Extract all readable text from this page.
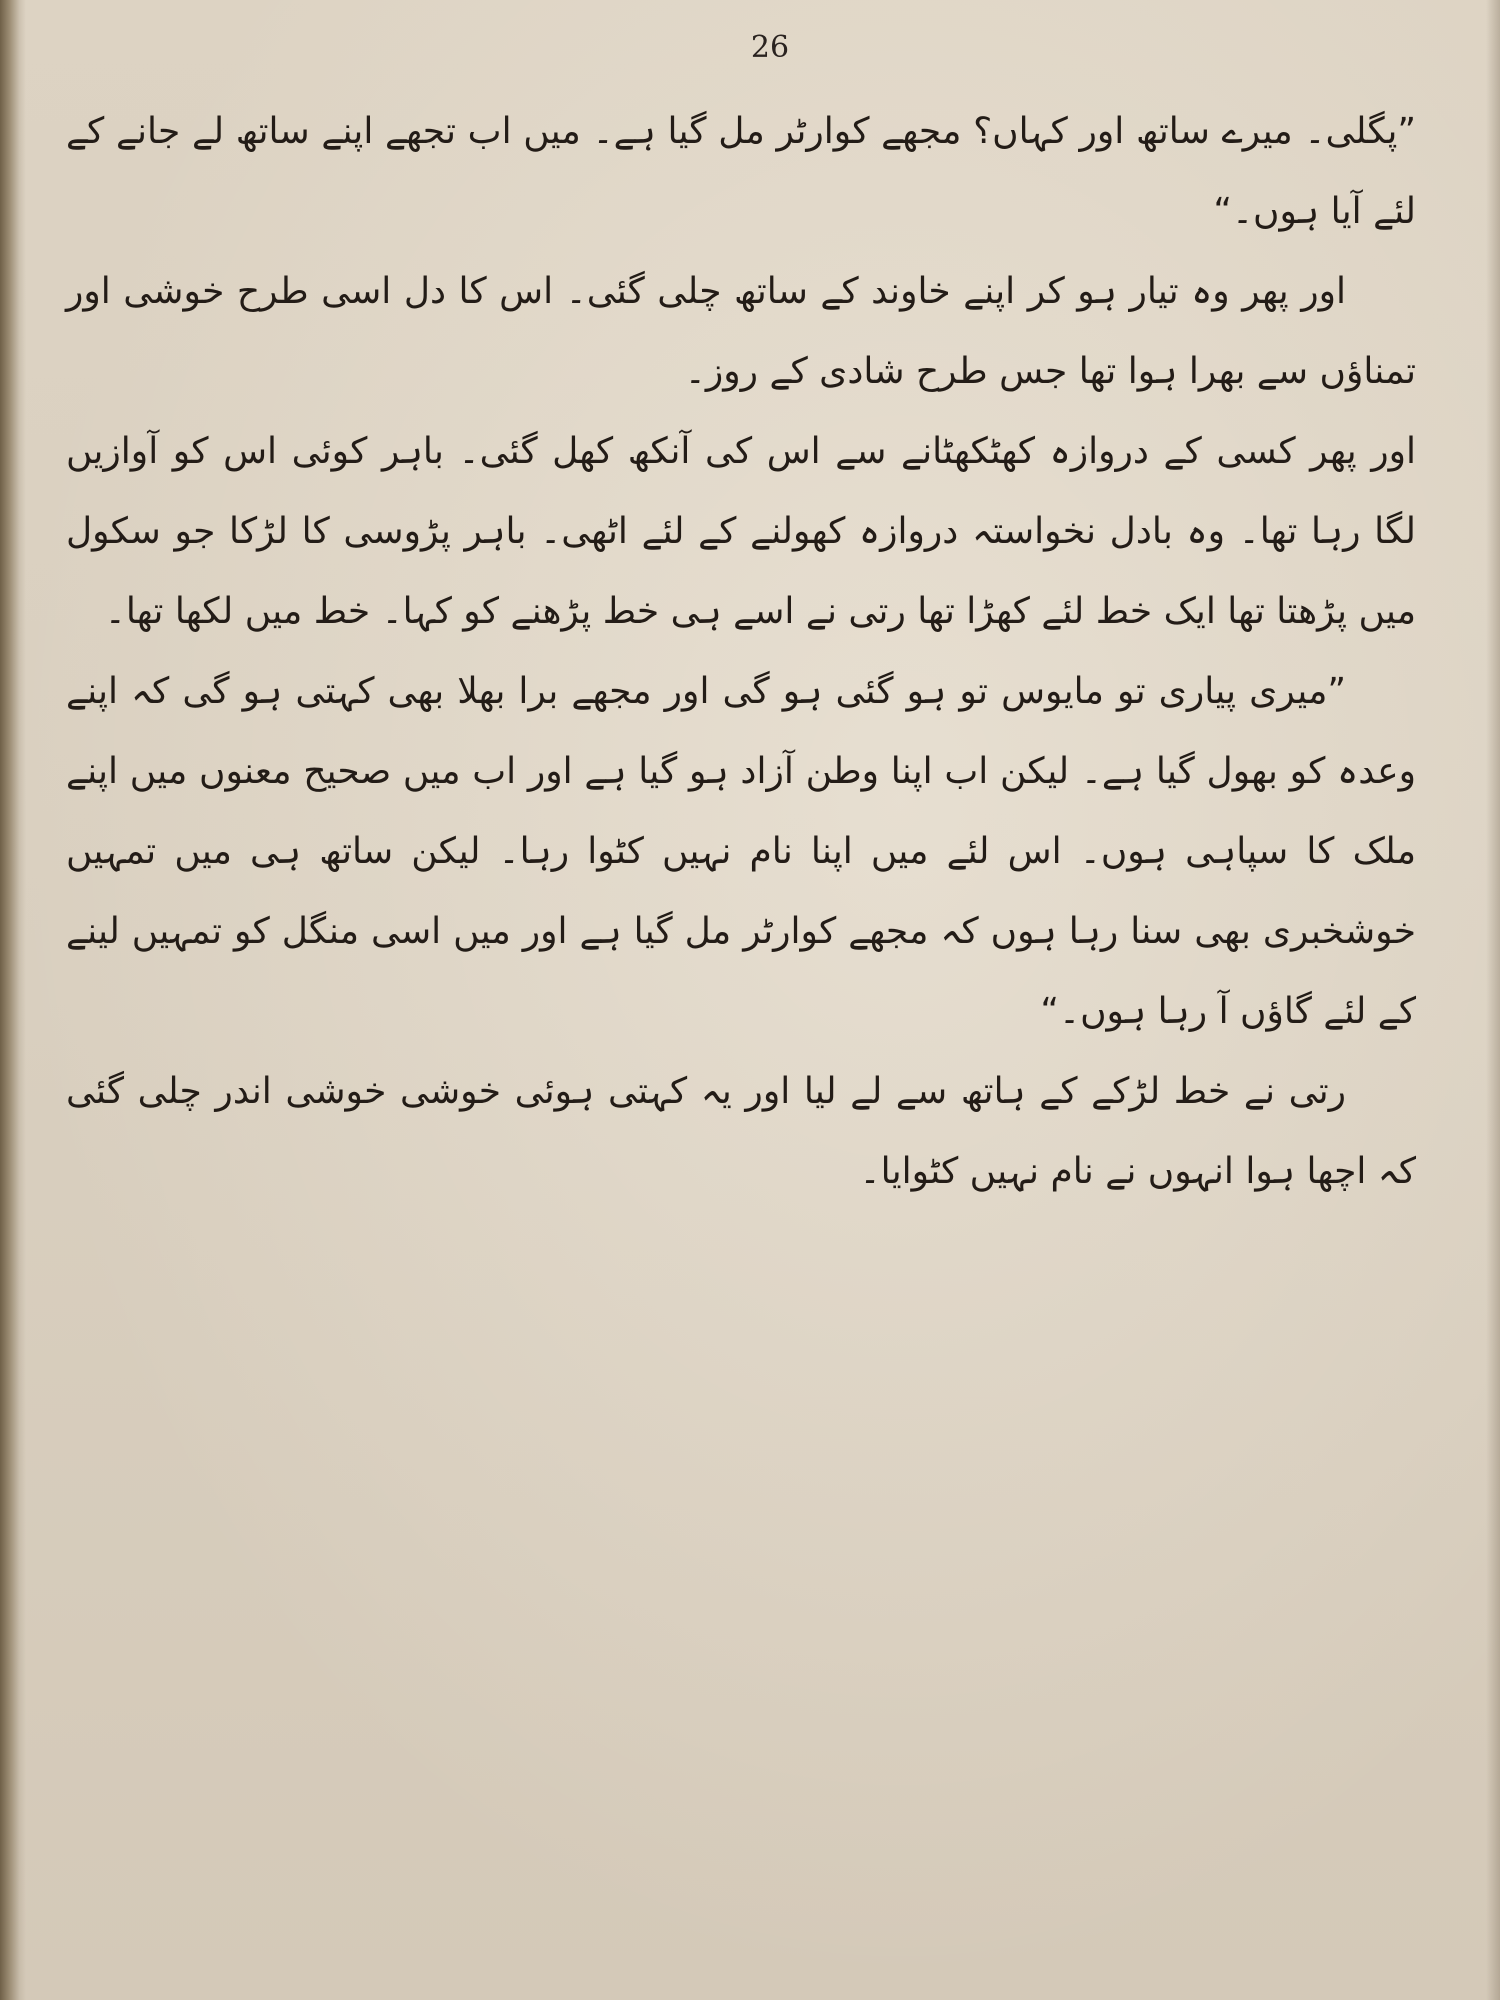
26

”پگلی۔ میرے ساتھ اور کہاں؟ مجھے کوارٹر مل گیا ہے۔ میں اب تجھے اپنے ساتھ لے جانے کے لئے آیا ہوں۔“

اور پھر وہ تیار ہو کر اپنے خاوند کے ساتھ چلی گئی۔ اس کا دل اسی طرح خوشی اور تمناؤں سے بھرا ہوا تھا جس طرح شادی کے روز۔

اور پھر کسی کے دروازہ کھٹکھٹانے سے اس کی آنکھ کھل گئی۔ باہر کوئی اس کو آوازیں لگا رہا تھا۔ وہ بادل نخواستہ دروازہ کھولنے کے لئے اٹھی۔ باہر پڑوسی کا لڑکا جو سکول میں پڑھتا تھا ایک خط لئے کھڑا تھا رتی نے اسے ہی خط پڑھنے کو کہا۔ خط میں لکھا تھا۔

”میری پیاری تو مایوس تو ہو گئی ہو گی اور مجھے برا بھلا بھی کہتی ہو گی کہ اپنے وعدہ کو بھول گیا ہے۔ لیکن اب اپنا وطن آزاد ہو گیا ہے اور اب میں صحیح معنوں میں اپنے ملک کا سپاہی ہوں۔ اس لئے میں اپنا نام نہیں کٹوا رہا۔ لیکن ساتھ ہی میں تمہیں خوشخبری بھی سنا رہا ہوں کہ مجھے کوارٹر مل گیا ہے اور میں اسی منگل کو تمہیں لینے کے لئے گاؤں آ رہا ہوں۔“

رتی نے خط لڑکے کے ہاتھ سے لے لیا اور یہ کہتی ہوئی خوشی خوشی اندر چلی گئی کہ اچھا ہوا انہوں نے نام نہیں کٹوایا۔
